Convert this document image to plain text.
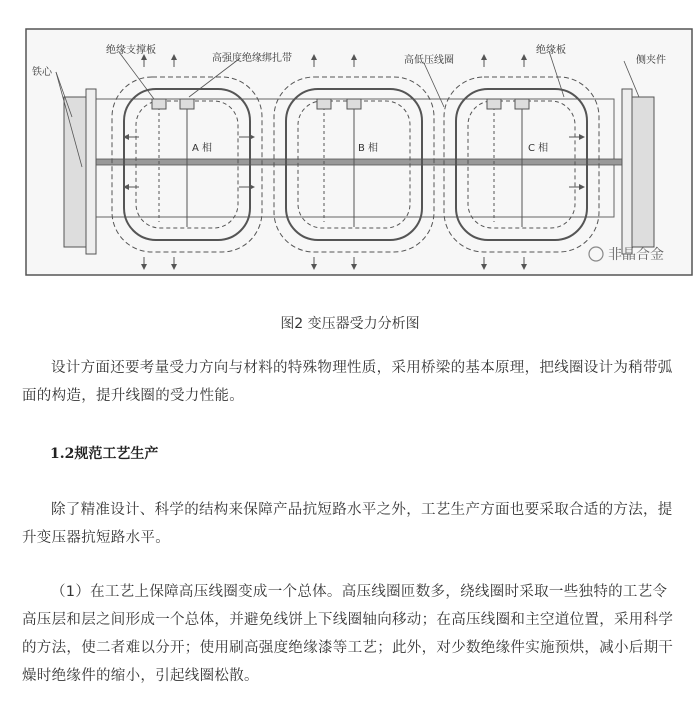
铁心
绝缘支撑板
高强度绝缘绑扎带	高低压线圈
绝缘板
侧夹件
A 相	B 相	C 相
非晶合金
图2 变压器受力分析图

设计方面还要考量受力方向与材料的特殊物理性质，采用桥梁的基本原理，把线圈设计为稍带弧面的构造，提升线圈的受力性能。

1.2规范工艺生产

除了精准设计、科学的结构来保障产品抗短路水平之外，工艺生产方面也要采取合适的方法，提升变压器抗短路水平。

（1）在工艺上保障高压线圈变成一个总体。高压线圈匝数多，绕线圈时采取一些独特的工艺令高压层和层之间形成一个总体，并避免线饼上下线圈轴向移动；在高压线圈和主空道位置，采用科学的方法，使二者难以分开；使用刷高强度绝缘漆等工艺；此外，对少数绝缘件实施预烘，减小后期干燥时绝缘件的缩小，引起线圈松散。
